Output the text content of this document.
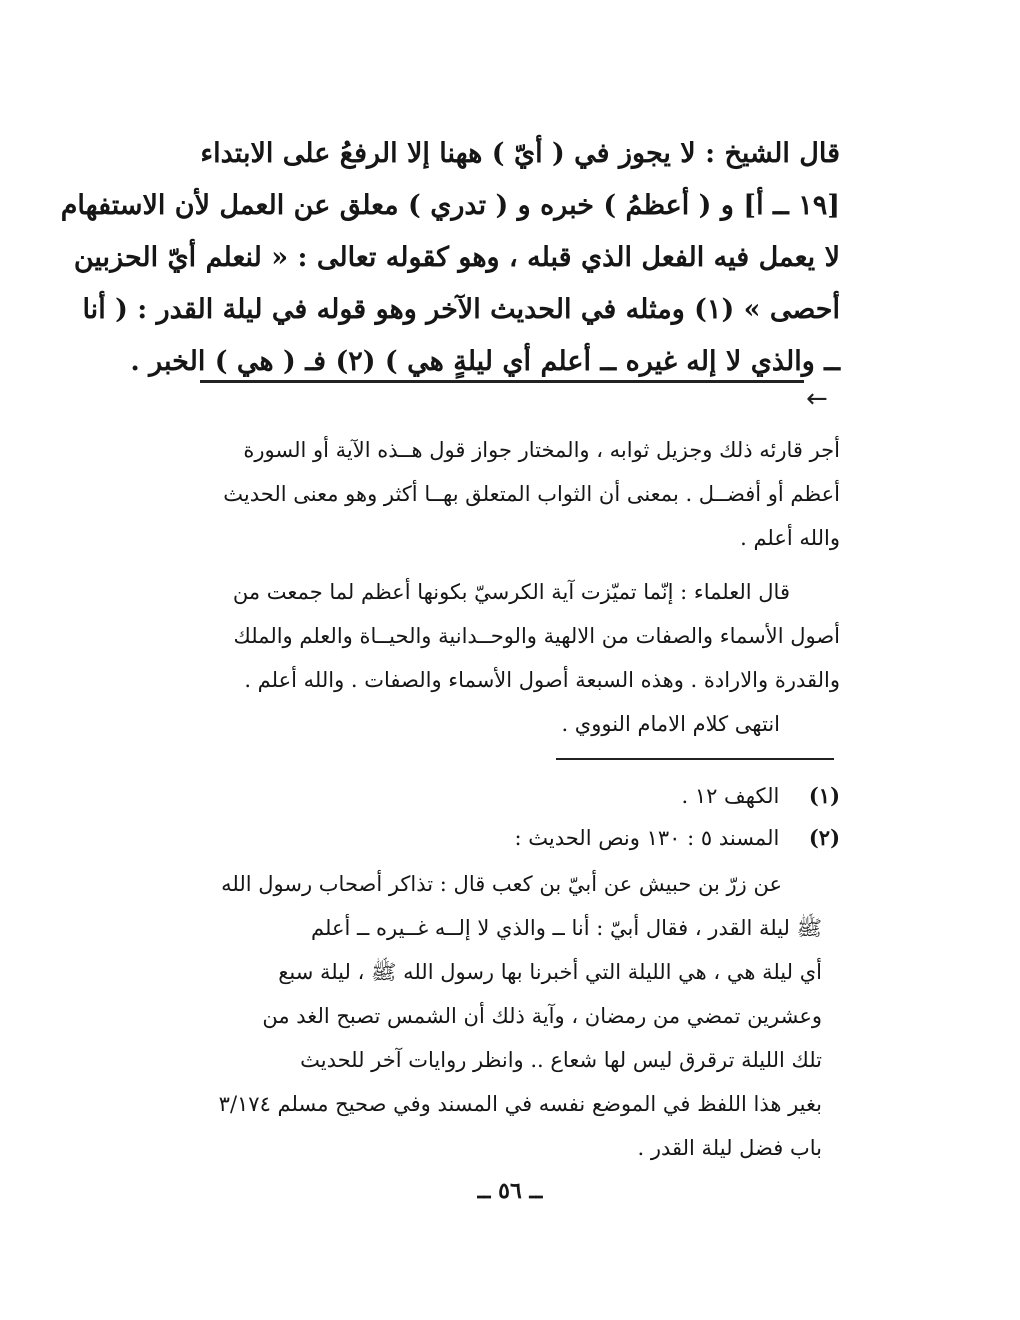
قال الشيخ : لا يجوز في ( أيّ ) ههنا إلا الرفعُ على الابتداء
[١٩ ــ أ] و ( أعظمُ ) خبره و ( تدري ) معلق عن العمل لأن الاستفهام
لا يعمل فيه الفعل الذي قبله ، وهو كقوله تعالى : « لنعلم أيّ الحزبين
أحصى » (١) ومثله في الحديث الآخر وهو قوله في ليلة القدر : ( أنا
ــ والذي لا إله غيره ــ أعلم أي ليلةٍ هي ) (٢) فـ ( هي ) الخبر .
←
أجر قارئه ذلك وجزيل ثوابه ، والمختار جواز قول هــذه الآية أو السورة
أعظم أو أفضــل . بمعنى أن الثواب المتعلق بهــا أكثر وهو معنى الحديث
والله أعلم .
قال العلماء : إنّما تميّزت آية الكرسيّ بكونها أعظم لما جمعت من
أصول الأسماء والصفات من الالهية والوحــدانية والحيــاة والعلم والملك
والقدرة والارادة . وهذه السبعة أصول الأسماء والصفات . والله أعلم .
انتهى كلام الامام النووي .
(١) الكهف ١٢ .
(٢) المسند ٥ : ١٣٠ ونص الحديث :
عن زرّ بن حبيش عن أبيّ بن كعب قال : تذاكر أصحاب رسول الله
ﷺ ليلة القدر ، فقال أبيّ : أنا ــ والذي لا إلــه غــيره ــ أعلم
أي ليلة هي ، هي الليلة التي أخبرنا بها رسول الله ﷺ ، ليلة سبع
وعشرين تمضي من رمضان ، وآية ذلك أن الشمس تصبح الغد من
تلك الليلة ترقرق ليس لها شعاع .. وانظر روايات آخر للحديث
بغير هذا اللفظ في الموضع نفسه في المسند وفي صحيح مسلم ٣/١٧٤
باب فضل ليلة القدر .
ــ ٥٦ ــ
